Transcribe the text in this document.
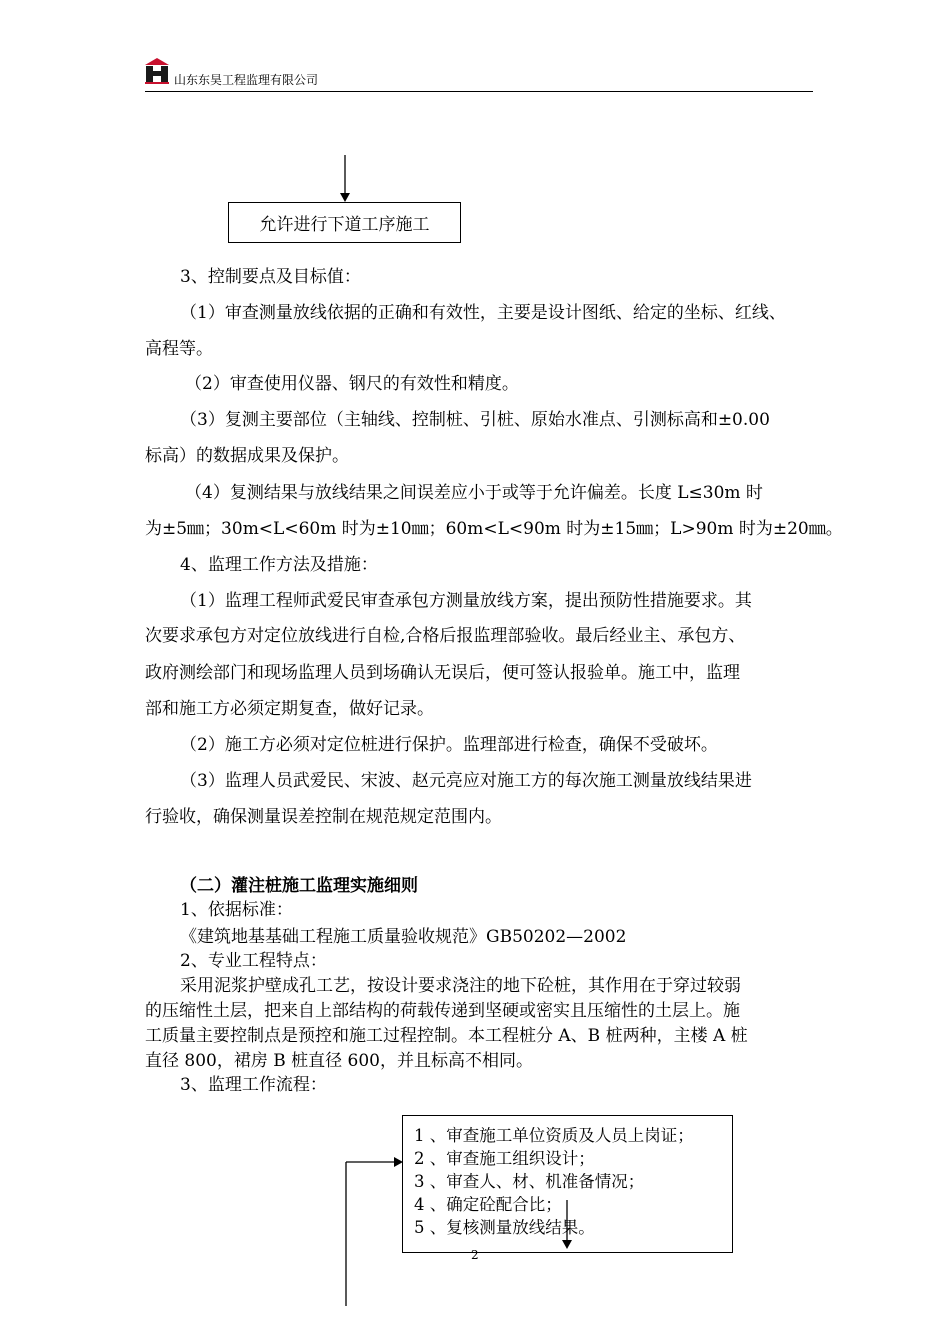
山东东昊工程监理有限公司
允许进行下道工序施工
3、控制要点及目标值：
（1）审查测量放线依据的正确和有效性，主要是设计图纸、给定的坐标、红线、
高程等。
（2）审查使用仪器、钢尺的有效性和精度。
（3）复测主要部位（主轴线、控制桩、引桩、原始水准点、引测标高和±0.00
标高）的数据成果及保护。
（4）复测结果与放线结果之间误差应小于或等于允许偏差。长度 L≤30m 时
为±5㎜；30m<L<60m 时为±10㎜；60m<L<90m 时为±15㎜；L>90m 时为±20㎜。
4、监理工作方法及措施：
（1）监理工程师武爱民审查承包方测量放线方案，提出预防性措施要求。其
次要求承包方对定位放线进行自检,合格后报监理部验收。最后经业主、承包方、
政府测绘部门和现场监理人员到场确认无误后，便可签认报验单。施工中，监理
部和施工方必须定期复查，做好记录。
（2）施工方必须对定位桩进行保护。监理部进行检查，确保不受破坏。
（3）监理人员武爱民、宋波、赵元亮应对施工方的每次施工测量放线结果进
行验收，确保测量误差控制在规范规定范围内。
（二）灌注桩施工监理实施细则
1、依据标准：
《建筑地基基础工程施工质量验收规范》GB50202—2002
2、专业工程特点：
采用泥浆护壁成孔工艺，按设计要求浇注的地下砼桩，其作用在于穿过较弱
的压缩性土层，把来自上部结构的荷载传递到坚硬或密实且压缩性的土层上。施
工质量主要控制点是预控和施工过程控制。本工程桩分 A、B 桩两种，主楼 A 桩
直径 800，裙房 B 桩直径 600，并且标高不相同。
3、监理工作流程：
1 、审查施工单位资质及人员上岗证；
2 、审查施工组织设计；
3 、审查人、材、机准备情况；
4 、确定砼配合比；
5 、复核测量放线结果。
2
